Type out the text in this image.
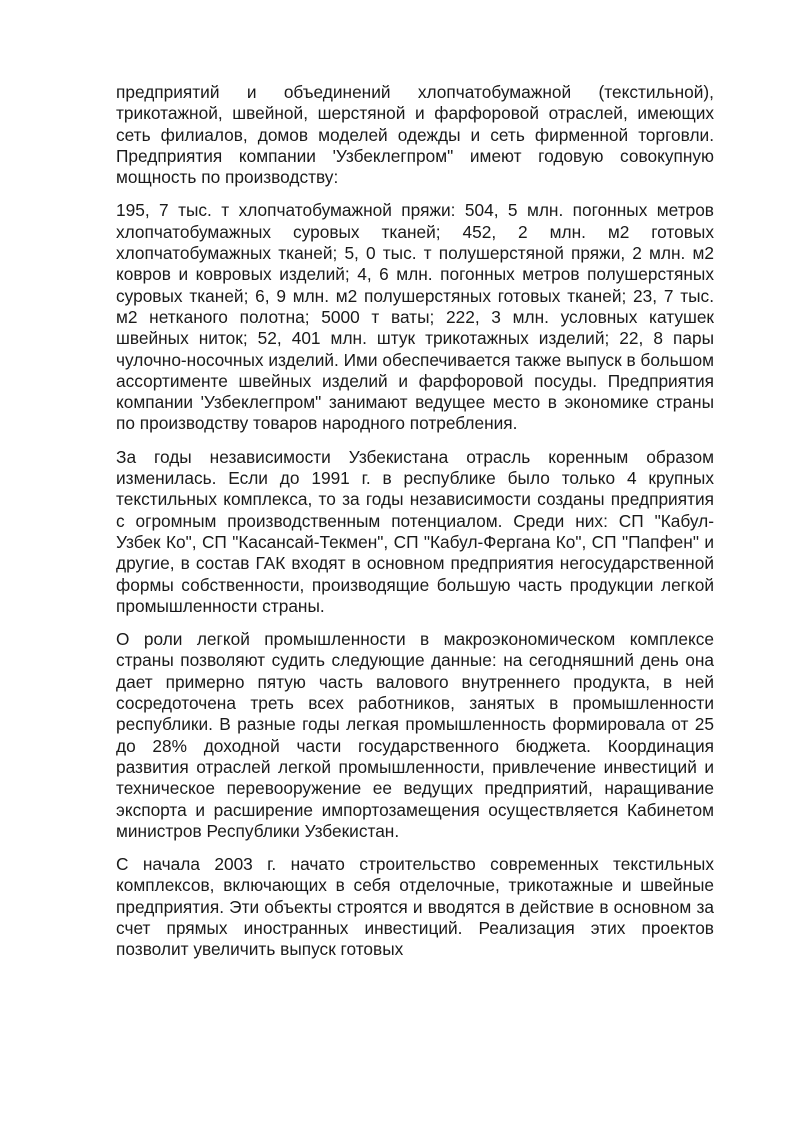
предприятий и объединений хлопчатобумажной (текстильной), трикотажной, швейной, шерстяной и фарфоровой отраслей, имеющих сеть филиалов, домов моделей одежды и сеть фирменной торговли. Предприятия компании 'Узбеклегпром" имеют годовую совокупную мощность по производству:

195, 7 тыс. т хлопчатобумажной пряжи: 504, 5 млн. погонных метров хлопчатобумажных суровых тканей; 452, 2 млн. м2 готовых хлопчатобумажных тканей; 5, 0 тыс. т полушерстяной пряжи, 2 млн. м2 ковров и ковровых изделий; 4, 6 млн. погонных метров полушерстяных суровых тканей; 6, 9 млн. м2 полушерстяных готовых тканей; 23, 7 тыс. м2 нетканого полотна; 5000 т ваты; 222, 3 млн. условных катушек швейных ниток; 52, 401 млн. штук трикотажных изделий; 22, 8 пары чулочно-носочных изделий. Ими обеспечивается также выпуск в большом ассортименте швейных изделий и фарфоровой посуды. Предприятия компании 'Узбеклегпром" занимают ведущее место в экономике страны по производству товаров народного потребления.

За годы независимости Узбекистана отрасль коренным образом изменилась. Если до 1991 г. в республике было только 4 крупных текстильных комплекса, то за годы независимости созданы предприятия с огромным производственным потенциалом. Среди них: СП "Кабул-Узбек Ко", СП "Касансай-Текмен", СП "Кабул-Фергана Ко", СП "Папфен" и другие, в состав ГАК входят в основном предприятия негосударственной формы собственности, производящие большую часть продукции легкой промышленности страны.

О роли легкой промышленности в макроэкономическом комплексе страны позволяют судить следующие данные: на сегодняшний день она дает примерно пятую часть валового внутреннего продукта, в ней сосредоточена треть всех работников, занятых в промышленности республики. В разные годы легкая промышленность формировала от 25 до 28% доходной части государственного бюджета. Координация развития отраслей легкой промышленности, привлечение инвестиций и техническое перевооружение ее ведущих предприятий, наращивание экспорта и расширение импортозамещения осуществляется Кабинетом министров Республики Узбекистан.

С начала 2003 г. начато строительство современных текстильных комплексов, включающих в себя отделочные, трикотажные и швейные предприятия. Эти объекты строятся и вводятся в действие в основном за счет прямых иностранных инвестиций. Реализация этих проектов позволит увеличить выпуск готовых
